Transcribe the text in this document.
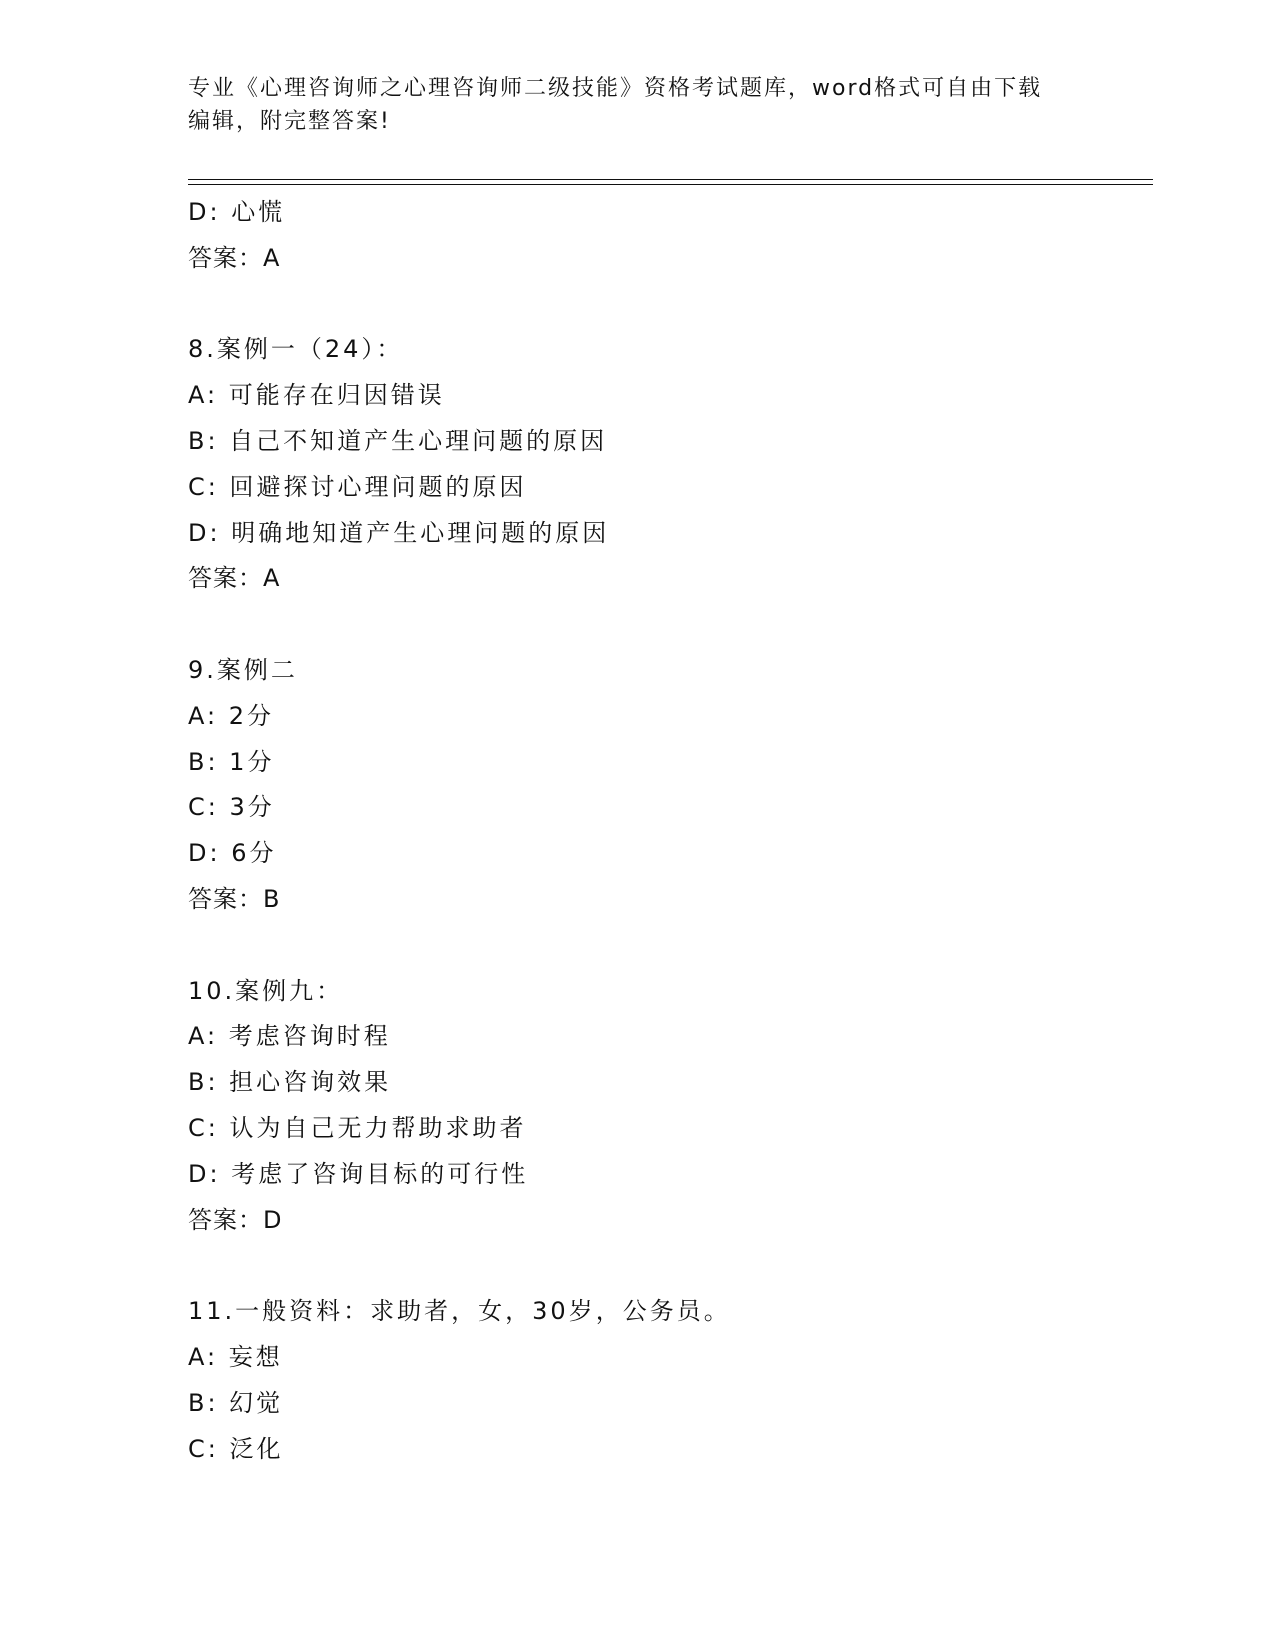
专业《心理咨询师之心理咨询师二级技能》资格考试题库，word格式可自由下载
编辑，附完整答案!
D: 心慌
答案：A
8.案例一（24）：
A: 可能存在归因错误
B: 自己不知道产生心理问题的原因
C: 回避探讨心理问题的原因
D: 明确地知道产生心理问题的原因
答案：A
9.案例二
A: 2分
B: 1分
C: 3分
D: 6分
答案：B
10.案例九：
A: 考虑咨询时程
B: 担心咨询效果
C: 认为自己无力帮助求助者
D: 考虑了咨询目标的可行性
答案：D
11.一般资料：求助者，女，30岁，公务员。
A: 妄想
B: 幻觉
C: 泛化
